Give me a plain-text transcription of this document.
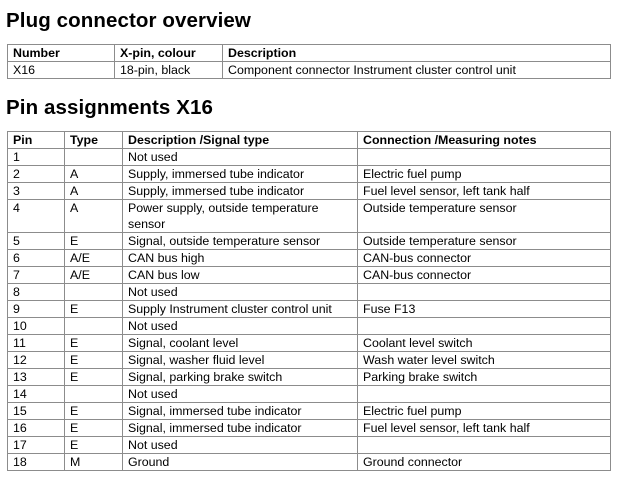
Plug connector overview
Number	X-pin, colour	Description
X16	18-pin, black	Component connector Instrument cluster control unit
Pin assignments X16
Pin	Type	Description /Signal type	Connection /Measuring notes
1		Not used	
2	A	Supply, immersed tube indicator	Electric fuel pump
3	A	Supply, immersed tube indicator	Fuel level sensor, left tank half
4	A	Power supply, outside temperature sensor	Outside temperature sensor
5	E	Signal, outside temperature sensor	Outside temperature sensor
6	A/E	CAN bus high	CAN-bus connector
7	A/E	CAN bus low	CAN-bus connector
8		Not used	
9	E	Supply Instrument cluster control unit	Fuse F13
10		Not used	
11	E	Signal, coolant level	Coolant level switch
12	E	Signal, washer fluid level	Wash water level switch
13	E	Signal, parking brake switch	Parking brake switch
14		Not used	
15	E	Signal, immersed tube indicator	Electric fuel pump
16	E	Signal, immersed tube indicator	Fuel level sensor, left tank half
17	E	Not used	
18	M	Ground	Ground connector
